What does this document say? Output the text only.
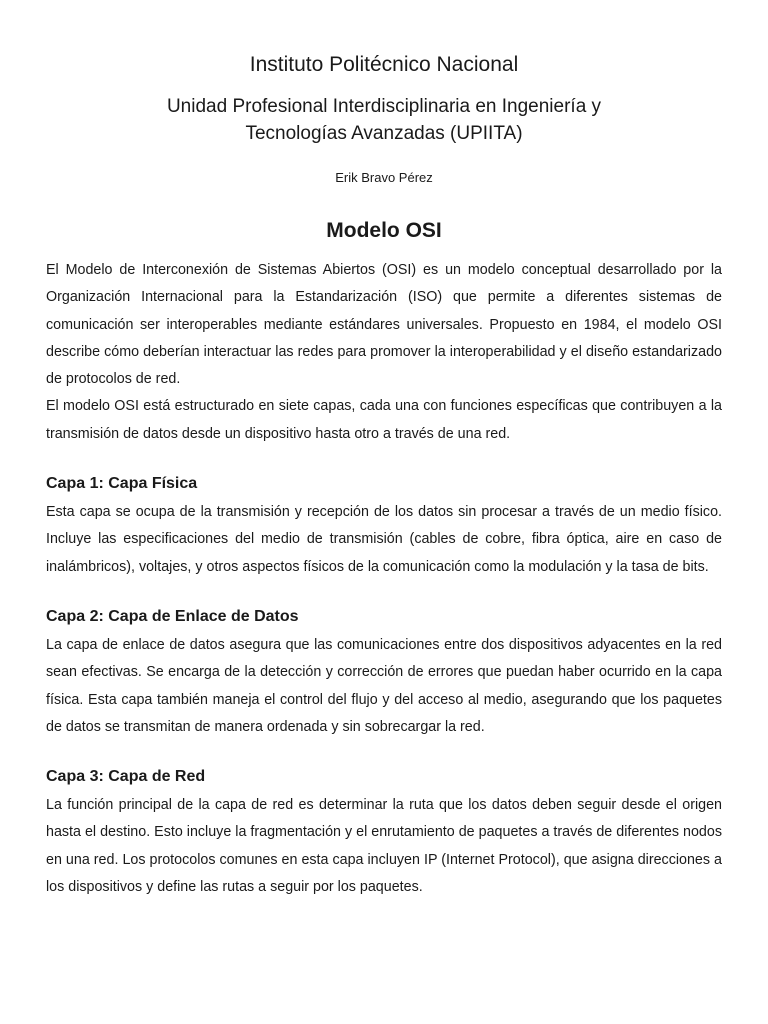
Instituto Politécnico Nacional
Unidad Profesional Interdisciplinaria en Ingeniería y Tecnologías Avanzadas (UPIITA)
Erik Bravo Pérez
Modelo OSI

El Modelo de Interconexión de Sistemas Abiertos (OSI) es un modelo conceptual desarrollado por la Organización Internacional para la Estandarización (ISO) que permite a diferentes sistemas de comunicación ser interoperables mediante estándares universales. Propuesto en 1984, el modelo OSI describe cómo deberían interactuar las redes para promover la interoperabilidad y el diseño estandarizado de protocolos de red.

El modelo OSI está estructurado en siete capas, cada una con funciones específicas que contribuyen a la transmisión de datos desde un dispositivo hasta otro a través de una red.

Capa 1: Capa Física

Esta capa se ocupa de la transmisión y recepción de los datos sin procesar a través de un medio físico. Incluye las especificaciones del medio de transmisión (cables de cobre, fibra óptica, aire en caso de inalámbricos), voltajes, y otros aspectos físicos de la comunicación como la modulación y la tasa de bits.

Capa 2: Capa de Enlace de Datos

La capa de enlace de datos asegura que las comunicaciones entre dos dispositivos adyacentes en la red sean efectivas. Se encarga de la detección y corrección de errores que puedan haber ocurrido en la capa física. Esta capa también maneja el control del flujo y del acceso al medio, asegurando que los paquetes de datos se transmitan de manera ordenada y sin sobrecargar la red.

Capa 3: Capa de Red

La función principal de la capa de red es determinar la ruta que los datos deben seguir desde el origen hasta el destino. Esto incluye la fragmentación y el enrutamiento de paquetes a través de diferentes nodos en una red. Los protocolos comunes en esta capa incluyen IP (Internet Protocol), que asigna direcciones a los dispositivos y define las rutas a seguir por los paquetes.
